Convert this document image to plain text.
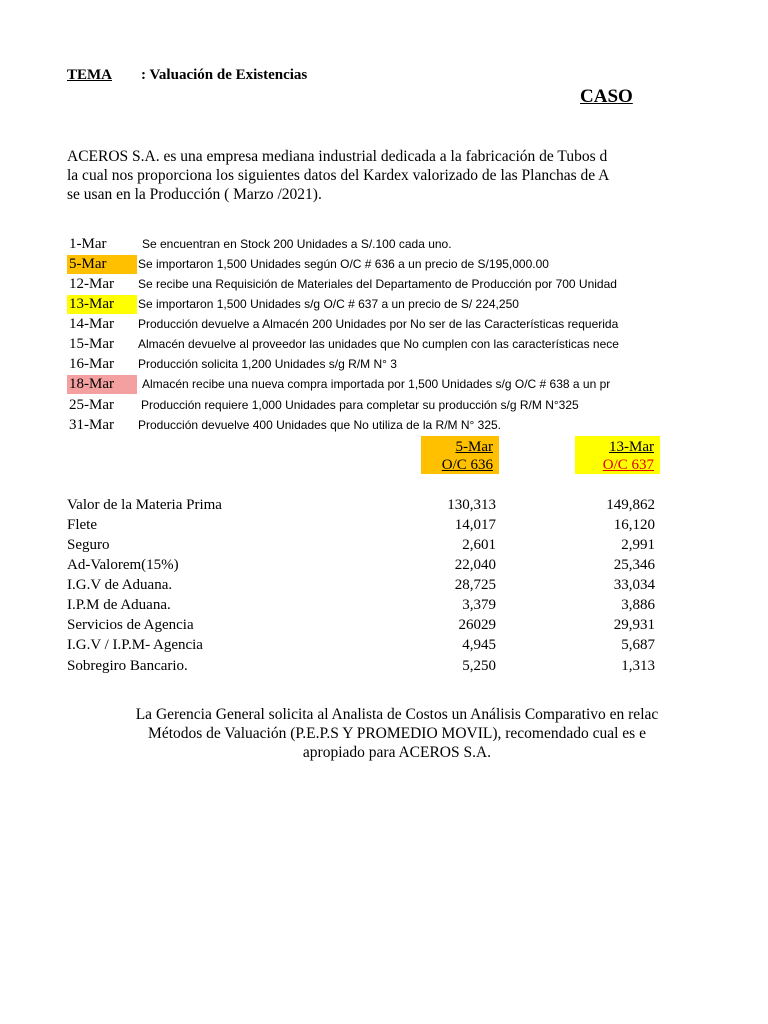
TEMA : Valuación de Existencias
CASO
ACEROS S.A. es una empresa mediana industrial dedicada a la fabricación de Tubos d
la cual nos proporciona los siguientes datos del Kardex valorizado de las Planchas de A
se usan en la Producción ( Marzo /2021).
1-Mar	Se encuentran en Stock 200 Unidades a S/.100 cada uno.
5-Mar	Se importaron 1,500 Unidades según O/C # 636 a un precio de S/195,000.00
12-Mar	Se recibe una Requisición de Materiales del Departamento de Producción por 700 Unidad
13-Mar	Se importaron 1,500 Unidades s/g O/C # 637 a un precio de S/ 224,250
14-Mar	Producción devuelve a Almacén 200 Unidades por No ser de las Características requerida
15-Mar	Almacén devuelve al proveedor las unidades que No cumplen con las características nece
16-Mar	Producción solicita 1,200 Unidades s/g R/M N° 3
18-Mar	Almacén recibe una nueva compra importada por 1,500 Unidades s/g O/C # 638 a un pr
25-Mar	Producción requiere 1,000 Unidades para completar su producción s/g R/M N°325
31-Mar	Producción devuelve 400 Unidades que No utiliza de la R/M N° 325.
5-Mar
O/C 636
13-Mar
O/C 637
Valor de la Materia Prima	130,313	149,862
Flete	14,017	16,120
Seguro	2,601	2,991
Ad-Valorem(15%)	22,040	25,346
I.G.V de Aduana.	28,725	33,034
I.P.M de Aduana.	3,379	3,886
Servicios de Agencia	26029	29,931
I.G.V / I.P.M- Agencia	4,945	5,687
Sobregiro Bancario.	5,250	1,313
La Gerencia General solicita al Analista de Costos un Análisis Comparativo en relac
Métodos de Valuación (P.E.P.S Y PROMEDIO MOVIL), recomendado cual es e
apropiado para ACEROS S.A.
